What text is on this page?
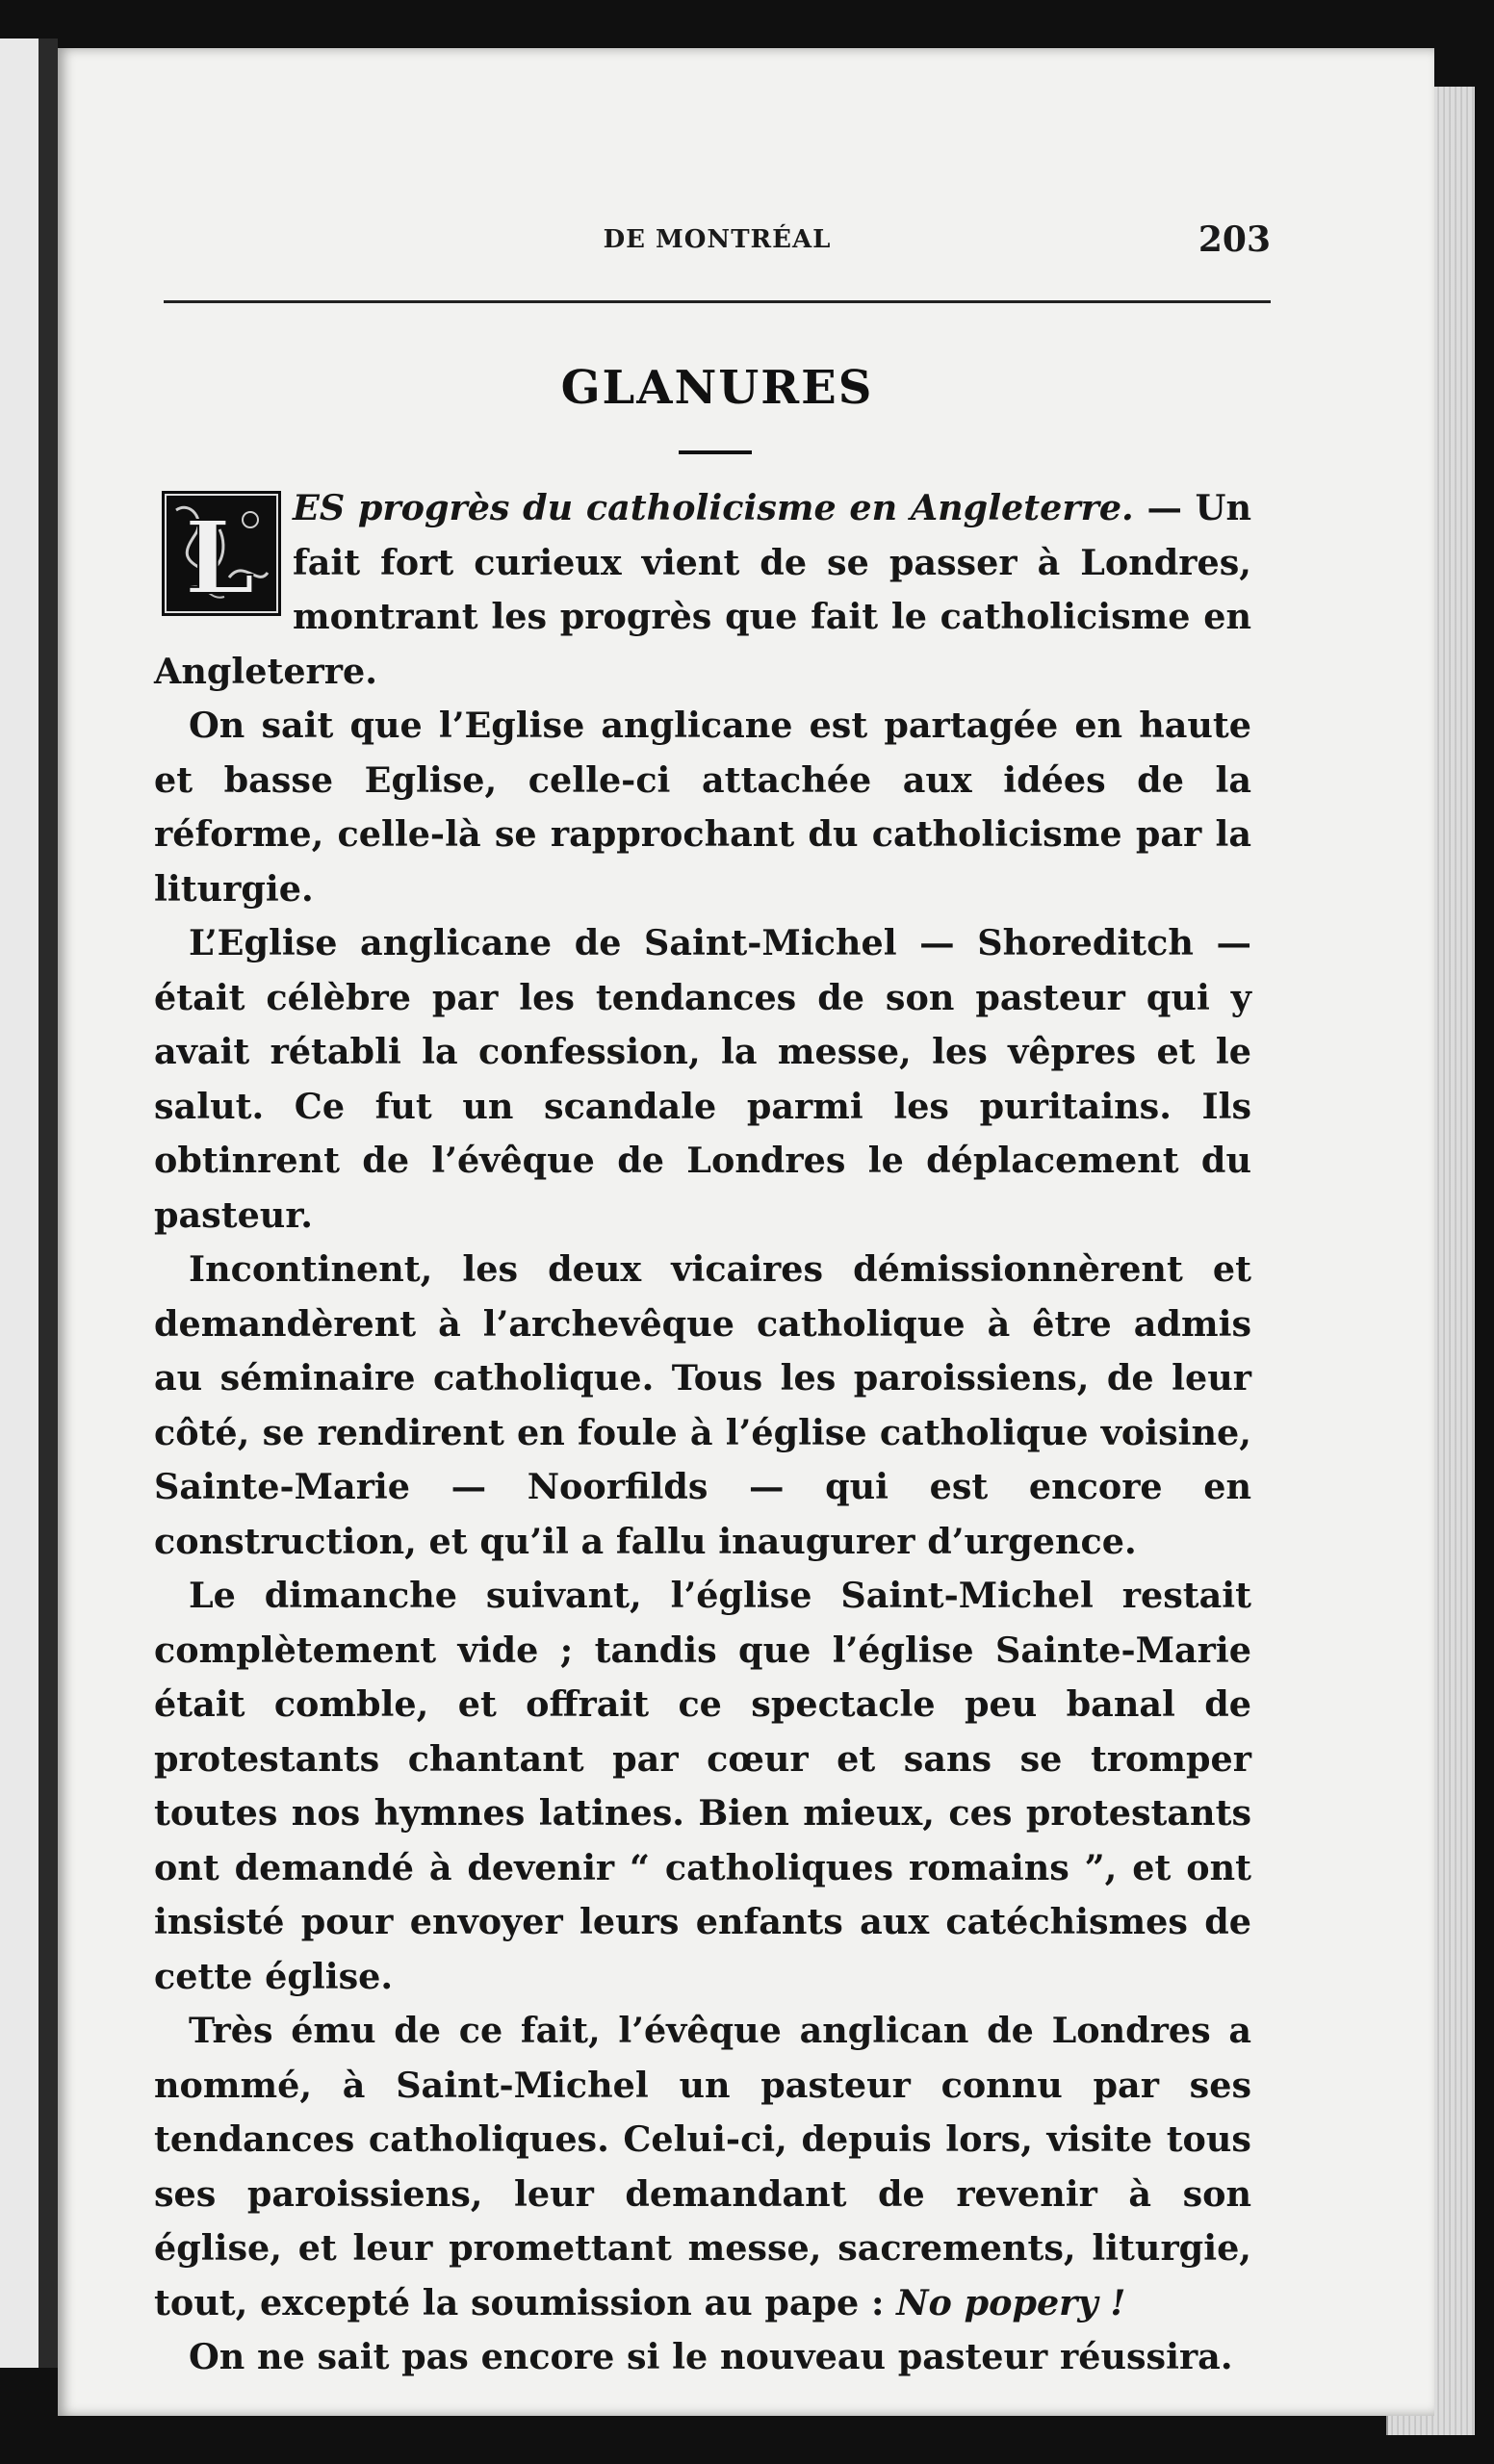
DE MONTRÉAL	203
GLANURES

L ES progrès du catholicisme en Angleterre. — Un fait fort curieux vient de se passer à Londres, montrant les progrès que fait le catholicisme en Angleterre.

On sait que l’Eglise anglicane est partagée en haute et basse Eglise, celle-ci attachée aux idées de la réforme, celle-là se rapprochant du catholicisme par la liturgie.

L’Eglise anglicane de Saint-Michel — Shoreditch — était célèbre par les tendances de son pasteur qui y avait rétabli la confession, la messe, les vêpres et le salut. Ce fut un scandale parmi les puritains. Ils obtinrent de l’évêque de Londres le déplacement du pasteur.

Incontinent, les deux vicaires démissionnèrent et demandèrent à l’archevêque catholique à être admis au séminaire catholique. Tous les paroissiens, de leur côté, se rendirent en foule à l’église catholique voisine, Sainte-Marie — Noorfilds — qui est encore en construction, et qu’il a fallu inaugurer d’urgence.

Le dimanche suivant, l’église Saint-Michel restait complètement vide ; tandis que l’église Sainte-Marie était comble, et offrait ce spectacle peu banal de protestants chantant par cœur et sans se tromper toutes nos hymnes latines. Bien mieux, ces protestants ont demandé à devenir “ catholiques romains ”, et ont insisté pour envoyer leurs enfants aux catéchismes de cette église.

Très ému de ce fait, l’évêque anglican de Londres a nommé, à Saint-Michel un pasteur connu par ses tendances catholiques. Celui-ci, depuis lors, visite tous ses paroissiens, leur demandant de revenir à son église, et leur promettant messe, sacrements, liturgie, tout, excepté la soumission au pape : No popery !

On ne sait pas encore si le nouveau pasteur réussira.
